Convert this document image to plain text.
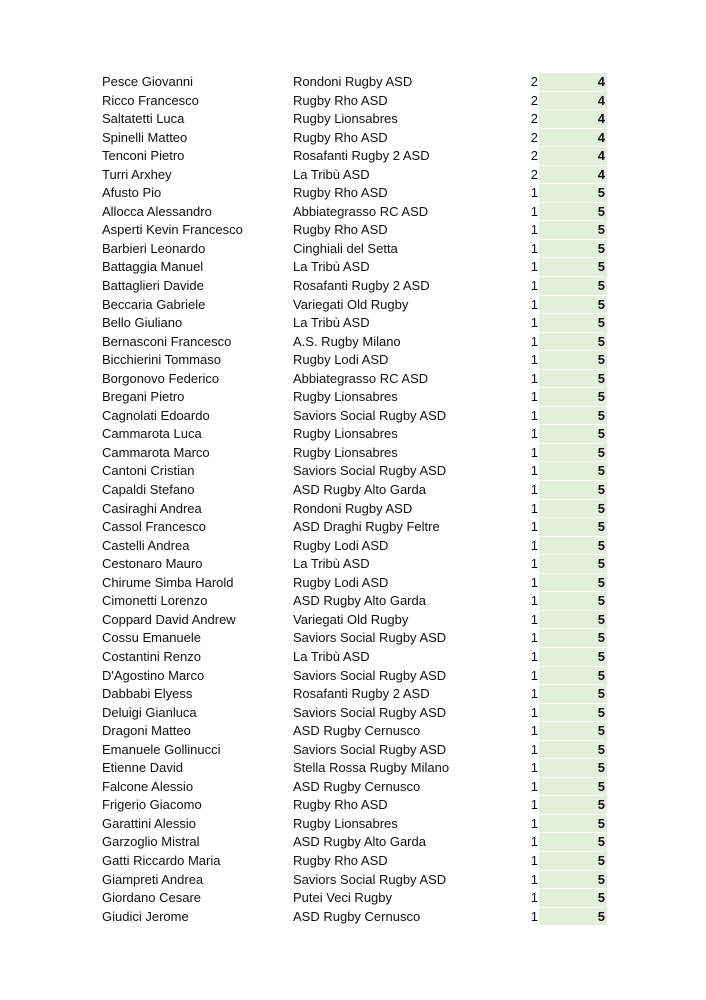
Pesce Giovanni	Rondoni Rugby ASD	2	4
Ricco Francesco	Rugby Rho ASD	2	4
Saltatetti Luca	Rugby Lionsabres	2	4
Spinelli Matteo	Rugby Rho ASD	2	4
Tenconi Pietro	Rosafanti Rugby 2 ASD	2	4
Turri Arxhey	La Tribù ASD	2	4
Afusto Pio	Rugby Rho ASD	1	5
Allocca Alessandro	Abbiategrasso RC ASD	1	5
Asperti Kevin Francesco	Rugby Rho ASD	1	5
Barbieri Leonardo	Cinghiali del Setta	1	5
Battaggia Manuel	La Tribù ASD	1	5
Battaglieri Davide	Rosafanti Rugby 2 ASD	1	5
Beccaria Gabriele	Variegati Old Rugby	1	5
Bello Giuliano	La Tribù ASD	1	5
Bernasconi Francesco	A.S. Rugby Milano	1	5
Bicchierini Tommaso	Rugby Lodi ASD	1	5
Borgonovo Federico	Abbiategrasso RC ASD	1	5
Bregani Pietro	Rugby Lionsabres	1	5
Cagnolati Edoardo	Saviors Social Rugby ASD	1	5
Cammarota Luca	Rugby Lionsabres	1	5
Cammarota Marco	Rugby Lionsabres	1	5
Cantoni Cristian	Saviors Social Rugby ASD	1	5
Capaldi Stefano	ASD Rugby Alto Garda	1	5
Casiraghi Andrea	Rondoni Rugby ASD	1	5
Cassol Francesco	ASD Draghi Rugby Feltre	1	5
Castelli Andrea	Rugby Lodi ASD	1	5
Cestonaro Mauro	La Tribù ASD	1	5
Chirume Simba Harold	Rugby Lodi ASD	1	5
Cimonetti Lorenzo	ASD Rugby Alto Garda	1	5
Coppard David Andrew	Variegati Old Rugby	1	5
Cossu Emanuele	Saviors Social Rugby ASD	1	5
Costantini Renzo	La Tribù ASD	1	5
D'Agostino Marco	Saviors Social Rugby ASD	1	5
Dabbabi Elyess	Rosafanti Rugby 2 ASD	1	5
Deluigi Gianluca	Saviors Social Rugby ASD	1	5
Dragoni Matteo	ASD Rugby Cernusco	1	5
Emanuele Gollinucci	Saviors Social Rugby ASD	1	5
Etienne David	Stella Rossa Rugby Milano	1	5
Falcone Alessio	ASD Rugby Cernusco	1	5
Frigerio Giacomo	Rugby Rho ASD	1	5
Garattini Alessio	Rugby Lionsabres	1	5
Garzoglio Mistral	ASD Rugby Alto Garda	1	5
Gatti Riccardo Maria	Rugby Rho ASD	1	5
Giampreti Andrea	Saviors Social Rugby ASD	1	5
Giordano Cesare	Putei Veci Rugby	1	5
Giudici Jerome	ASD Rugby Cernusco	1	5
